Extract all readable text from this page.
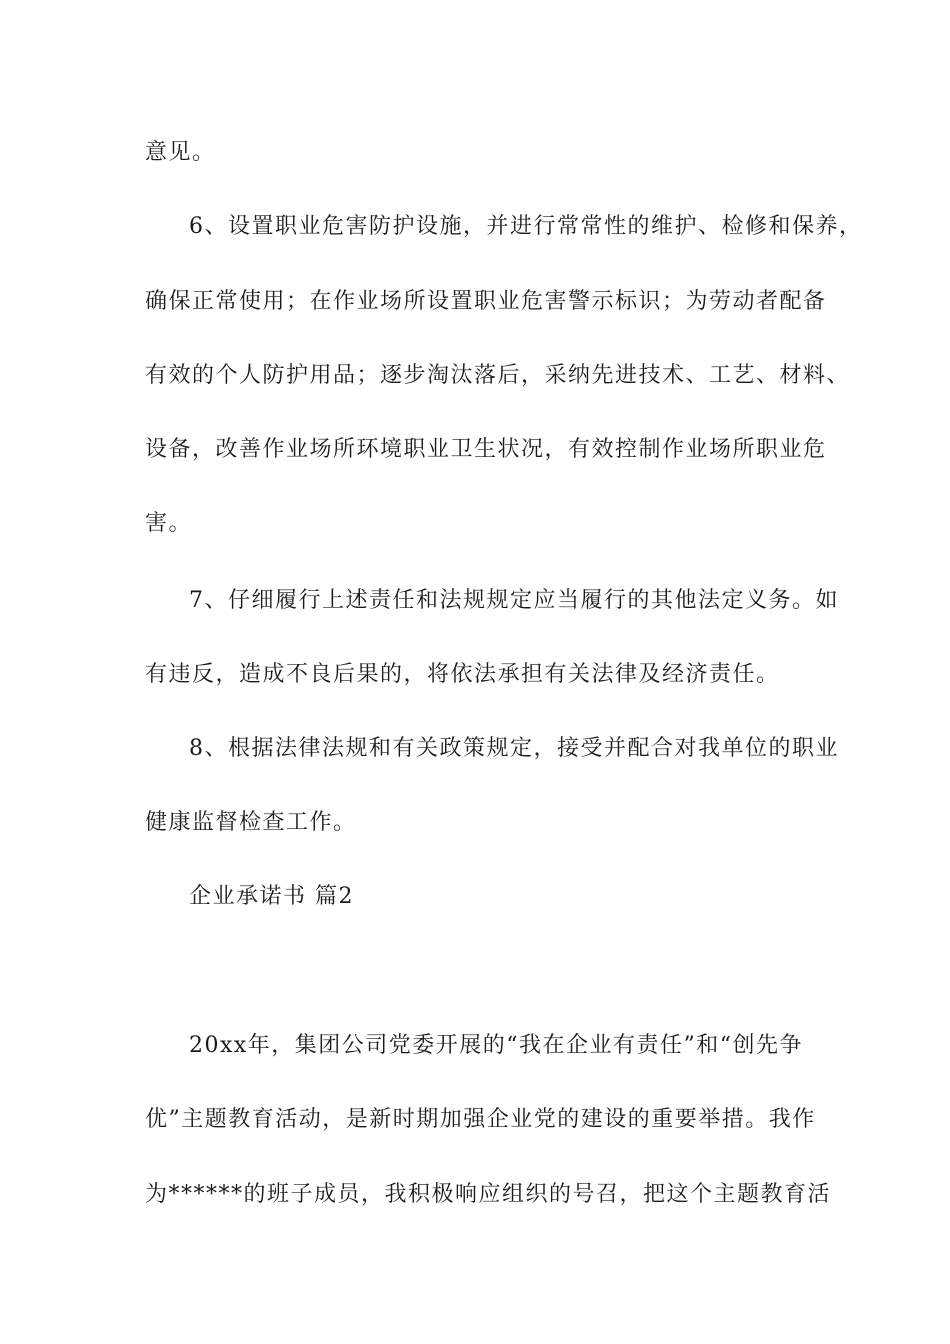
意见。
6、设置职业危害防护设施，并进行常常性的维护、检修和保养，
确保正常使用；在作业场所设置职业危害警示标识；为劳动者配备
有效的个人防护用品；逐步淘汰落后，采纳先进技术、工艺、材料、
设备，改善作业场所环境职业卫生状况，有效控制作业场所职业危
害。
7、仔细履行上述责任和法规规定应当履行的其他法定义务。如
有违反，造成不良后果的，将依法承担有关法律及经济责任。
8、根据法律法规和有关政策规定，接受并配合对我单位的职业
健康监督检查工作。
企业承诺书 篇2
20xx年，集团公司党委开展的“我在企业有责任”和“创先争
优”主题教育活动，是新时期加强企业党的建设的重要举措。我作
为******的班子成员，我积极响应组织的号召，把这个主题教育活
